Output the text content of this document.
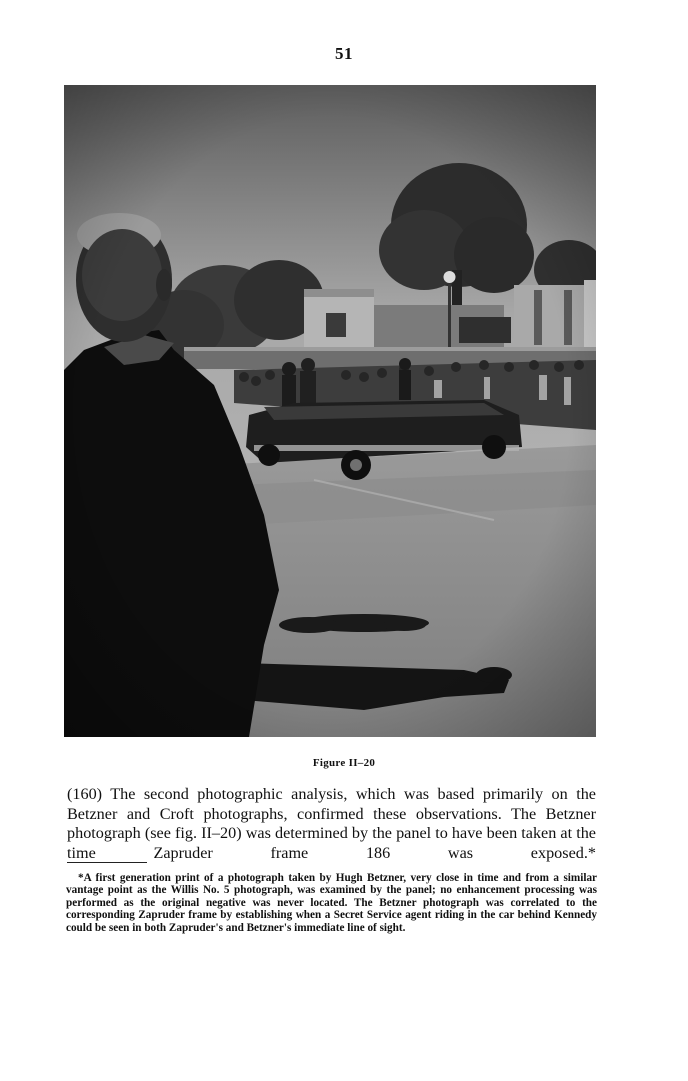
51
Figure II–20

(160) The second photographic analysis, which was based primarily on the Betzner and Croft photographs, confirmed these observations. The Betzner photograph (see fig. II–20) was determined by the panel to have been taken at the time Zapruder frame 186 was exposed.*

*A first generation print of a photograph taken by Hugh Betzner, very close in time and from a similar vantage point as the Willis No. 5 photograph, was examined by the panel; no enhancement processing was performed as the original negative was never located. The Betzner photograph was correlated to the corresponding Zapruder frame by establishing when a Secret Service agent riding in the car behind Kennedy could be seen in both Zapruder's and Betzner's immediate line of sight.
